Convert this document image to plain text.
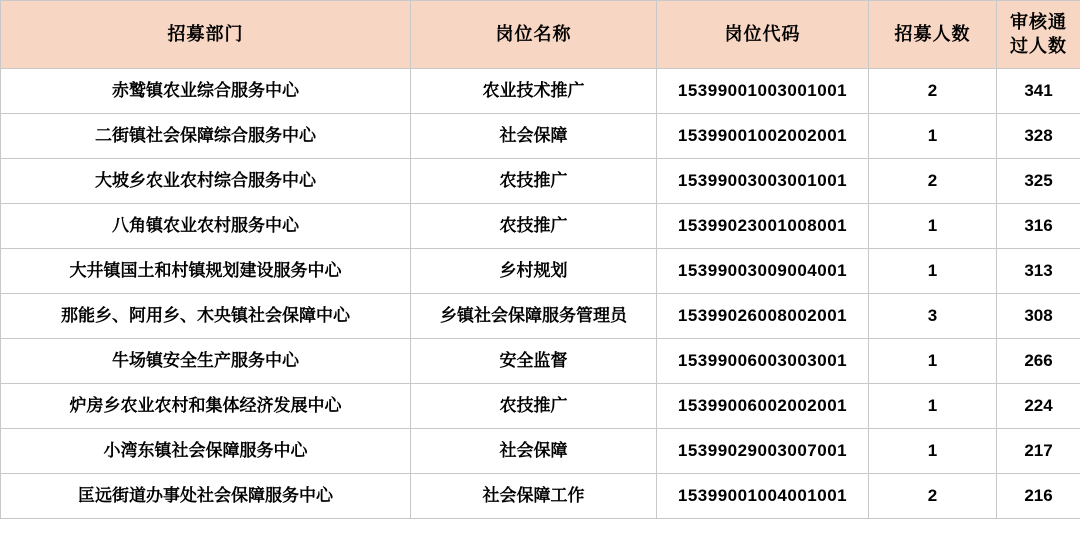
招募部门	岗位名称	岗位代码	招募人数	审核通过人数
赤鹫镇农业综合服务中心	农业技术推广	15399001003001001	2	341
二街镇社会保障综合服务中心	社会保障	15399001002002001	1	328
大坡乡农业农村综合服务中心	农技推广	15399003003001001	2	325
八角镇农业农村服务中心	农技推广	15399023001008001	1	316
大井镇国土和村镇规划建设服务中心	乡村规划	15399003009004001	1	313
那能乡、阿用乡、木央镇社会保障中心	乡镇社会保障服务管理员	15399026008002001	3	308
牛场镇安全生产服务中心	安全监督	15399006003003001	1	266
炉房乡农业农村和集体经济发展中心	农技推广	15399006002002001	1	224
小湾东镇社会保障服务中心	社会保障	15399029003007001	1	217
匡远街道办事处社会保障服务中心	社会保障工作	15399001004001001	2	216
